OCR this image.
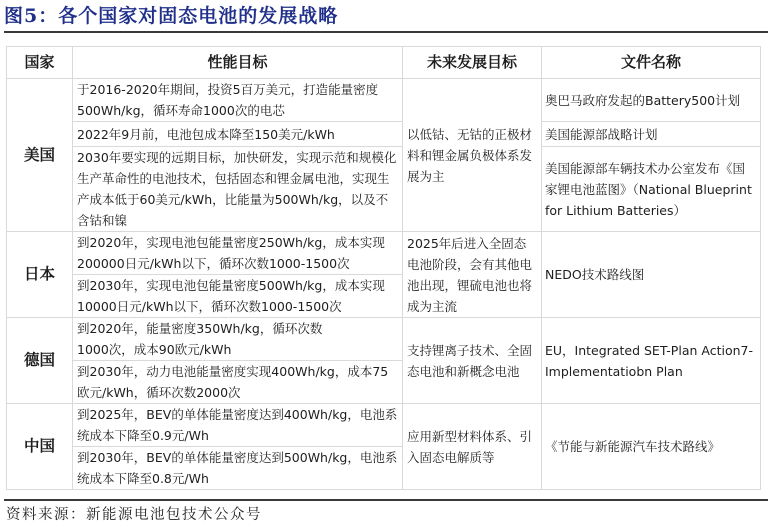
图5：各个国家对固态电池的发展战略
国家	性能目标	未来发展目标	文件名称
美国	于2016-2020年期间，投资5百万美元，打造能量密度500Wh/kg，循环寿命1000次的电芯	以低钴、无钴的正极材料和锂金属负极体系发展为主	奥巴马政府发起的Battery500计划
	2022年9月前，电池包成本降至150美元/kWh		美国能源部战略计划
	2030年要实现的远期目标，加快研发，实现示范和规模化生产革命性的电池技术，包括固态和锂金属电池，实现生产成本低于60美元/kWh，比能量为500Wh/kg，以及不含钴和镍		美国能源部车辆技术办公室发布《国家锂电池蓝图》（National Blueprint for Lithium Batteries）
日本	到2020年，实现电池包能量密度250Wh/kg，成本实现200000日元/kWh以下，循环次数1000-1500次	2025年后进入全固态电池阶段，会有其他电池出现，锂硫电池也将成为主流	NEDO技术路线图
	到2030年，实现电池包能量密度500Wh/kg，成本实现10000日元/kWh以下，循环次数1000-1500次		
德国	到2020年，能量密度350Wh/kg，循环次数
1000次，成本90欧元/kWh	支持锂离子技术、全固态电池和新概念电池	EU，Integrated SET-Plan Action7-Implementatiobn Plan
	到2030年，动力电池能量密度实现400Wh/kg，成本75欧元/kWh，循环次数2000次		
中国	到2025年，BEV的单体能量密度达到400Wh/kg，电池系统成本下降至0.9元/Wh	应用新型材料体系、引入固态电解质等	《节能与新能源汽车技术路线》
	到2030年，BEV的单体能量密度达到500Wh/kg，电池系统成本下降至0.8元/Wh		
资料来源：新能源电池包技术公众号
